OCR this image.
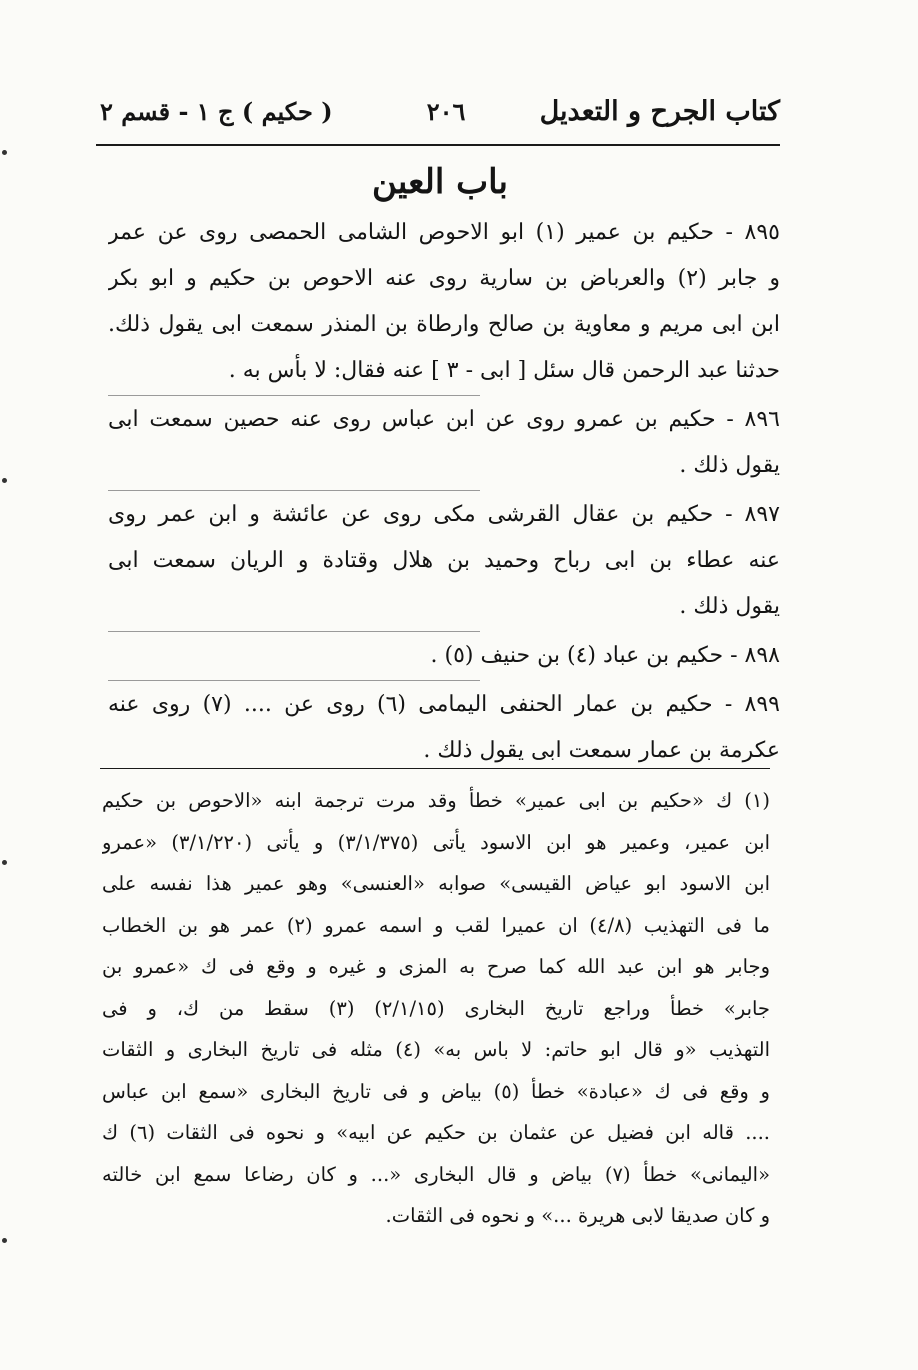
كتاب الجرح و التعديل
٢٠٦
( حكيم ) ج ١ - قسم ٢
باب العين
٨٩٥ - حكيم بن عمير (١) ابو الاحوص الشامى الحمصى روى عن عمر
و جابر (٢) والعرباض بن سارية روى عنه الاحوص بن حكيم و ابو بكر
ابن ابى مريم و معاوية بن صالح وارطاة بن المنذر سمعت ابى يقول ذلك.
حدثنا عبد الرحمن قال سئل [ ابى - ٣ ] عنه فقال: لا بأس به .
٨٩٦ - حكيم بن عمرو روى عن ابن عباس روى عنه حصين سمعت ابى
يقول ذلك .
٨٩٧ - حكيم بن عقال القرشى مكى روى عن عائشة و ابن عمر روى
عنه عطاء بن ابى رباح وحميد بن هلال وقتادة و الريان سمعت ابى
يقول ذلك .
٨٩٨ - حكيم بن عباد (٤) بن حنيف (٥) .
٨٩٩ - حكيم بن عمار الحنفى اليمامى (٦) روى عن .... (٧) روى عنه
عكرمة بن عمار سمعت ابى يقول ذلك .
(١) ك «حكيم بن ابى عمير» خطأ وقد مرت ترجمة ابنه «الاحوص بن حكيم
ابن عمير، وعمير هو ابن الاسود يأتى (٣/١/٣٧٥) و يأتى (٣/١/٢٢٠) «عمرو
ابن الاسود ابو عياض القيسى» صوابه «العنسى» وهو عمير هذا نفسه على
ما فى التهذيب (٤/٨) ان عميرا لقب و اسمه عمرو (٢) عمر هو بن الخطاب
وجابر هو ابن عبد الله كما صرح به المزى و غيره و وقع فى ك «عمرو بن
جابر» خطأ وراجع تاريخ البخارى (٢/١/١٥) (٣) سقط من ك، و فى
التهذيب «و قال ابو حاتم: لا باس به» (٤) مثله فى تاريخ البخارى و الثقات
و وقع فى ك «عبادة» خطأ (٥) بياض و فى تاريخ البخارى «سمع ابن عباس
.... قاله ابن فضيل عن عثمان بن حكيم عن ابيه» و نحوه فى الثقات (٦) ك
«اليمانى» خطأ (٧) بياض و قال البخارى «... و كان رضاعا سمع ابن خالته
و كان صديقا لابى هريرة ...» و نحوه فى الثقات.
